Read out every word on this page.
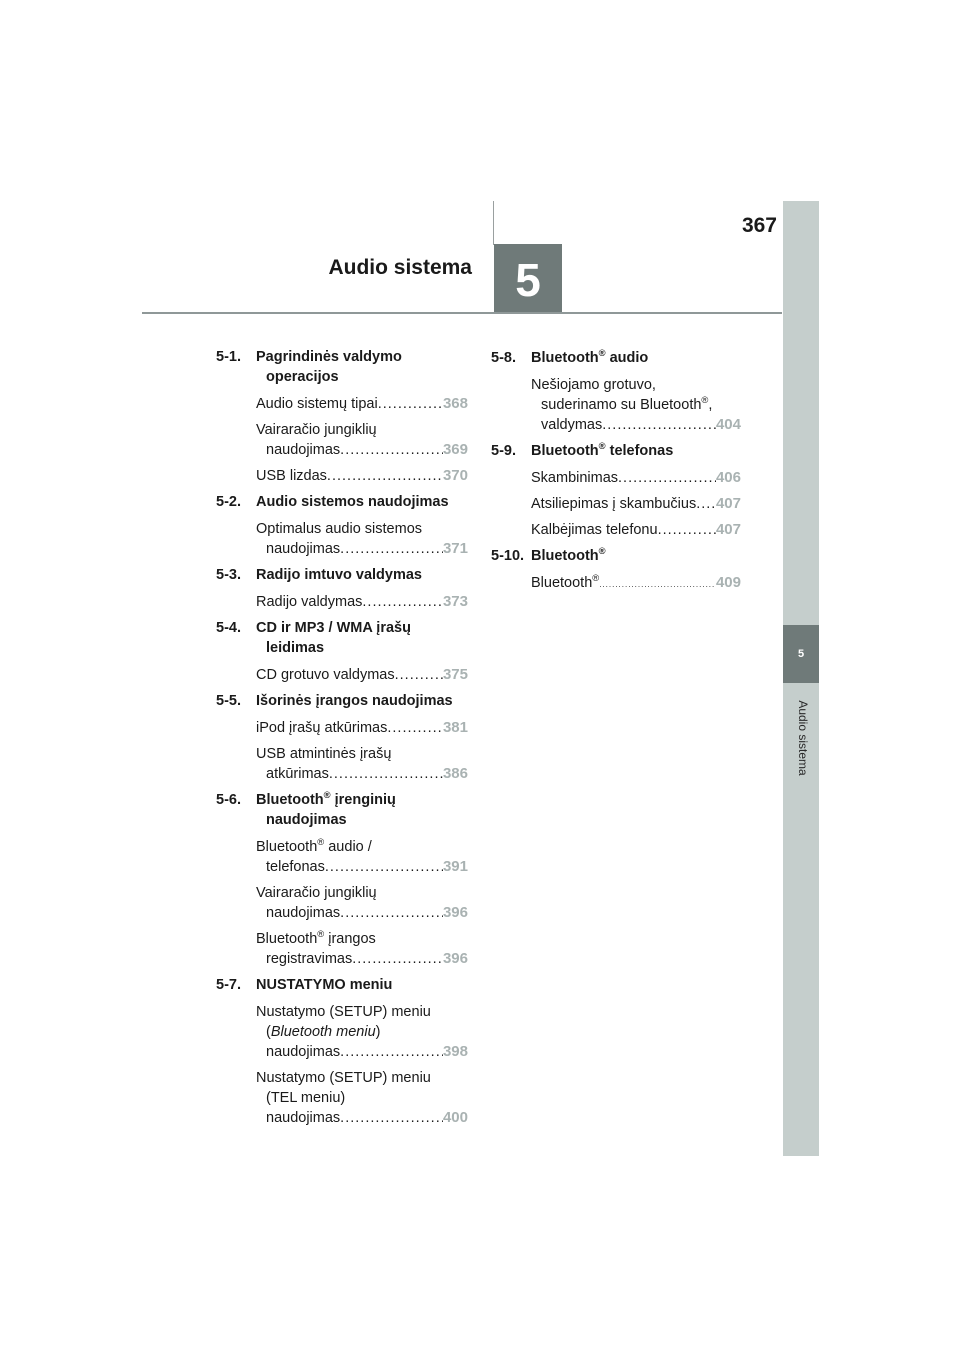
367
Audio sistema 5
5
Audio sistema
5-1.	Pagrindinės valdymo
operacijos
Audio sistemų tipai .....	368
Vairaračio jungiklių
naudojimas .....	369
USB lizdas .....	370
5-2.	Audio sistemos naudojimas
Optimalus audio sistemos
naudojimas .....	371
5-3.	Radijo imtuvo valdymas
Radijo valdymas .....	373
5-4.	CD ir MP3 / WMA įrašų
leidimas
CD grotuvo valdymas .....	375
5-5.	Išorinės įrangos naudojimas
iPod įrašų atkūrimas .....	381
USB atmintinės įrašų
atkūrimas .....	386
5-6.	Bluetooth® įrenginių
naudojimas
Bluetooth® audio /
telefonas .....	391
Vairaračio jungiklių
naudojimas .....	396
Bluetooth® įrangos
registravimas .....	396
5-7.	NUSTATYMO meniu
Nustatymo (SETUP) meniu
(Bluetooth meniu)
naudojimas .....	398
Nustatymo (SETUP) meniu
(TEL meniu)
naudojimas .....	400
5-8.	Bluetooth® audio
Nešiojamo grotuvo,
suderinamo su Bluetooth®,
valdymas .....	404
5-9.	Bluetooth® telefonas
Skambinimas .....	406
Atsiliepimas į skambučius ..... 407
Kalbėjimas telefonu .....	407
5-10. Bluetooth®
Bluetooth® .....	409
